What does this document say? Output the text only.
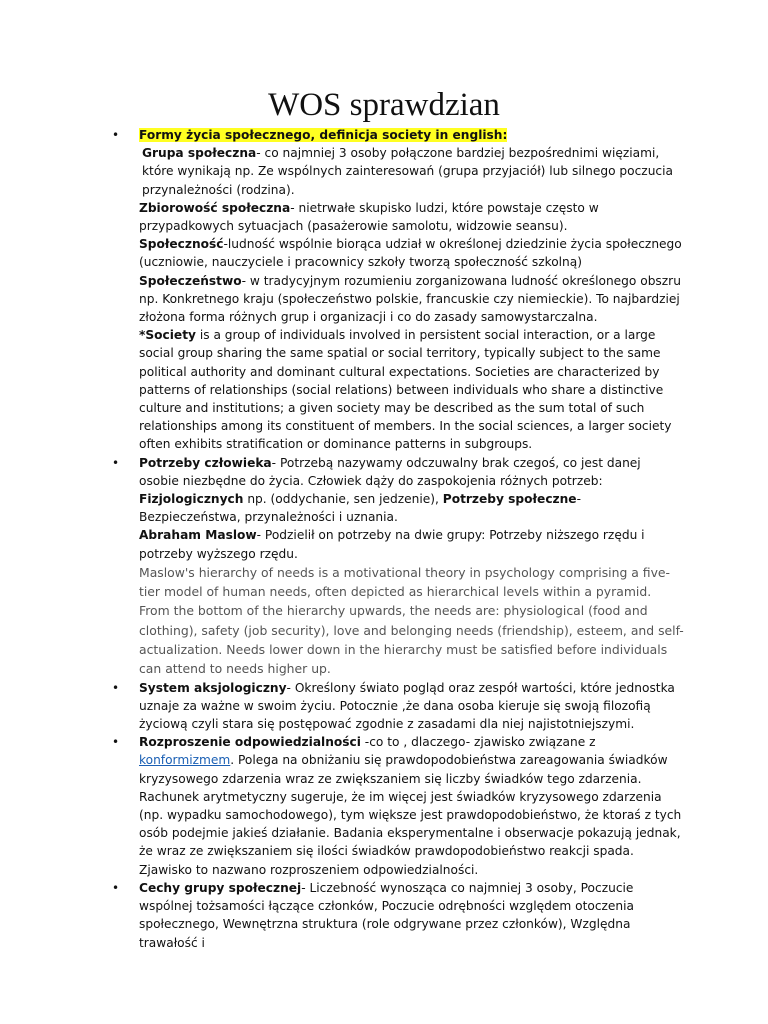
WOS sprawdzian
• Formy życia społecznego, definicja society in english:
Grupa społeczna- co najmniej 3 osoby połączone bardziej bezpośrednimi więziami, które wynikają np. Ze wspólnych zainteresowań (grupa przyjaciół) lub silnego poczucia przynależności (rodzina).
Zbiorowość społeczna- nietrwałe skupisko ludzi, które powstaje często w przypadkowych sytuacjach (pasażerowie samolotu, widzowie seansu).
Społeczność-ludność wspólnie biorąca udział w określonej dziedzinie życia społecznego (uczniowie, nauczyciele i pracownicy szkoły tworzą społeczność szkolną)
Społeczeństwo- w tradycyjnym rozumieniu zorganizowana ludność określonego obszru np. Konkretnego kraju (społeczeństwo polskie, francuskie czy niemieckie). To najbardziej złożona forma różnych grup i organizacji i co do zasady samowystarczalna.
*Society is a group of individuals involved in persistent social interaction, or a large social group sharing the same spatial or social territory, typically subject to the same political authority and dominant cultural expectations. Societies are characterized by patterns of relationships (social relations) between individuals who share a distinctive culture and institutions; a given society may be described as the sum total of such relationships among its constituent of members. In the social sciences, a larger society often exhibits stratification or dominance patterns in subgroups.
• Potrzeby człowieka- Potrzebą nazywamy odczuwalny brak czegoś, co jest danej osobie niezbędne do życia. Człowiek dąży do zaspokojenia różnych potrzeb: Fizjologicznych np. (oddychanie, sen jedzenie), Potrzeby społeczne- Bezpieczeństwa, przynależności i uznania.
Abraham Maslow- Podzielił on potrzeby na dwie grupy: Potrzeby niższego rzędu i potrzeby wyższego rzędu.
Maslow's hierarchy of needs is a motivational theory in psychology comprising a five-tier model of human needs, often depicted as hierarchical levels within a pyramid. From the bottom of the hierarchy upwards, the needs are: physiological (food and clothing), safety (job security), love and belonging needs (friendship), esteem, and self-actualization. Needs lower down in the hierarchy must be satisfied before individuals can attend to needs higher up.
• System aksjologiczny- Określony świato pogląd oraz zespół wartości, które jednostka uznaje za ważne w swoim życiu. Potocznie ,że dana osoba kieruje się swoją filozofią życiową czyli stara się postępować zgodnie z zasadami dla niej najistotniejszymi.
• Rozproszenie odpowiedzialności -co to , dlaczego- zjawisko związane z konformizmem. Polega na obniżaniu się prawdopodobieństwa zareagowania świadków kryzysowego zdarzenia wraz ze zwiększaniem się liczby świadków tego zdarzenia. Rachunek arytmetyczny sugeruje, że im więcej jest świadków kryzysowego zdarzenia (np. wypadku samochodowego), tym większe jest prawdopodobieństwo, że ktoraś z tych osób podejmie jakieś działanie. Badania eksperymentalne i obserwacje pokazują jednak, że wraz ze zwiększaniem się ilości świadków prawdopodobieństwo reakcji spada. Zjawisko to nazwano rozproszeniem odpowiedzialności.
• Cechy grupy społecznej- Liczebność wynosząca co najmniej 3 osoby, Poczucie wspólnej tożsamości łączące członków, Poczucie odrębności względem otoczenia społecznego, Wewnętrzna struktura (role odgrywane przez członków), Względna trawałość i
